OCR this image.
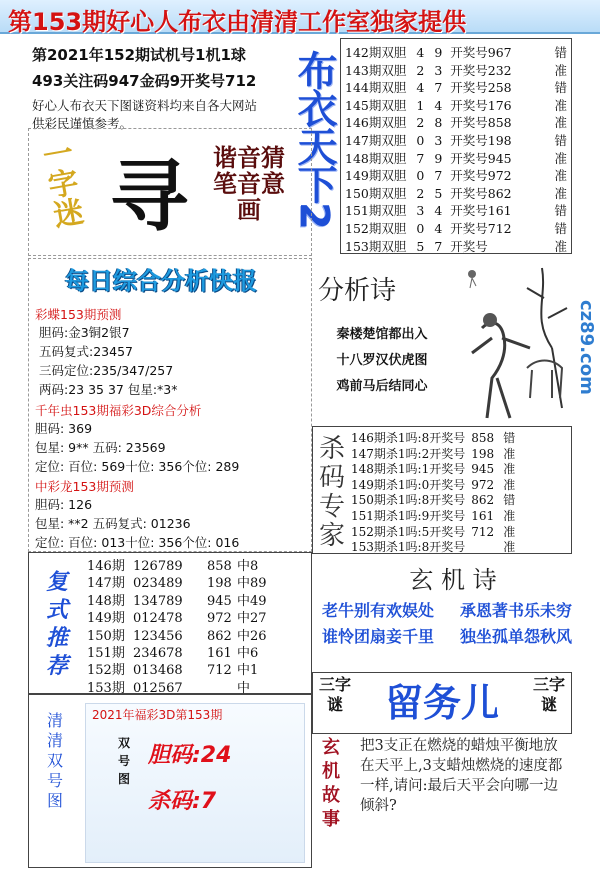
第153期好心人布衣由清清工作室独家提供
第2021年152期试机号1机1球
493关注码947金码9开奖号712
好心人布衣天下图谜资料均来自各大网站
供彩民谨慎参考。	布衣天下2
一字迷 寻	谐音猜笔音意画
142期双胆 4 9 开奖号967	错
143期双胆 2 3 开奖号232	准
144期双胆 4 7 开奖号258	错
145期双胆 1 4 开奖号176	准
146期双胆 2 8 开奖号858	准
147期双胆 0 3 开奖号198	错
148期双胆 7 9 开奖号945	准
149期双胆 0 7 开奖号972	准
150期双胆 2 5 开奖号862	准
151期双胆 3 4 开奖号161	错
152期双胆 0 4 开奖号712	错
153期双胆 5 7 开奖号	准
每日综合分析快报
彩蝶153期预测
胆码:金3铜2银7
五码复式:23457
三码定位:235/347/257
两码:23 35 37 包星:*3*
千年虫153期福彩3D综合分析
胆码: 369
包星: 9** 五码: 23569
定位: 百位: 569十位: 356个位: 289
中彩龙153期预测
胆码: 126
包星: **2 五码复式: 01236
定位: 百位: 013十位: 356个位: 016
分析诗
秦楼楚馆都出入
十八罗汉伏虎图
鸡前马后结同心
杀码专家
146期杀1吗:8开奖号 858 错
147期杀1吗:2开奖号 198 准
148期杀1吗:1开奖号 945 准
149期杀1吗:0开奖号 972 准
150期杀1吗:8开奖号 862 错
151期杀1吗:9开奖号 161 准
152期杀1吗:5开奖号 712 准
153期杀1吗:8开奖号	准
复式推荐
146期 126789 858 中8
147期 023489 198 中89
148期 134789 945 中49
149期 012478 972 中27
150期 123456 862 中26
151期 234678 161 中6
152期 013468 712 中1
153期 012567	中
玄 机 诗
老牛别有欢娱处 承恩著书乐未穷
谁怜团扇妾千里 独坐孤单怨秋风
三字谜	留务儿	三字谜
玄机故事
把3支正在燃烧的蜡烛平衡地放在天平上,3支蜡烛燃烧的速度都一样,请问:最后天平会向哪一边倾斜?
清清双号图
2021年福彩3D第153期
双号图
胆码:24
杀码:7
cz89.com
